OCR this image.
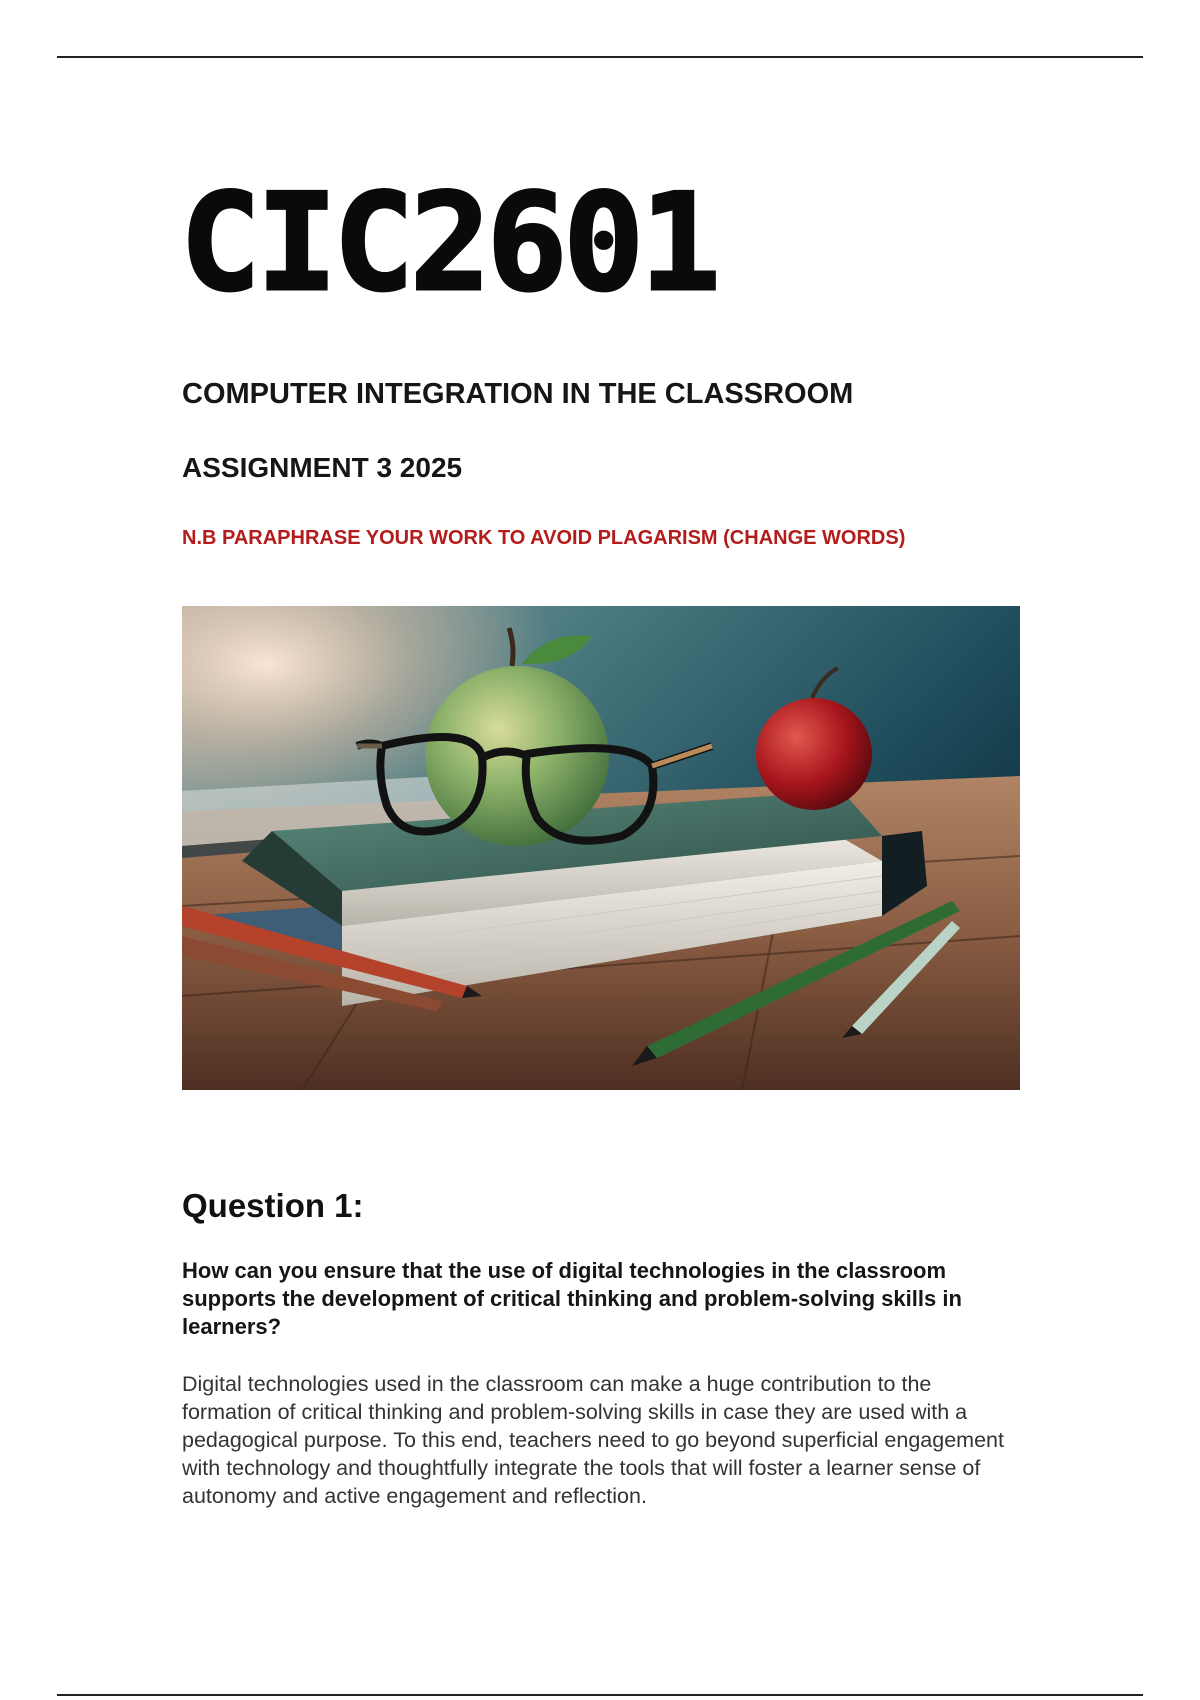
CIC2601
COMPUTER INTEGRATION IN THE CLASSROOM
ASSIGNMENT 3 2025
N.B PARAPHRASE YOUR WORK TO AVOID PLAGARISM (CHANGE WORDS)
Question 1:
How can you ensure that the use of digital technologies in the classroom supports the development of critical thinking and problem-solving skills in learners?
Digital technologies used in the classroom can make a huge contribution to the formation of critical thinking and problem-solving skills in case they are used with a pedagogical purpose. To this end, teachers need to go beyond superficial engagement with technology and thoughtfully integrate the tools that will foster a learner sense of autonomy and active engagement and reflection.
